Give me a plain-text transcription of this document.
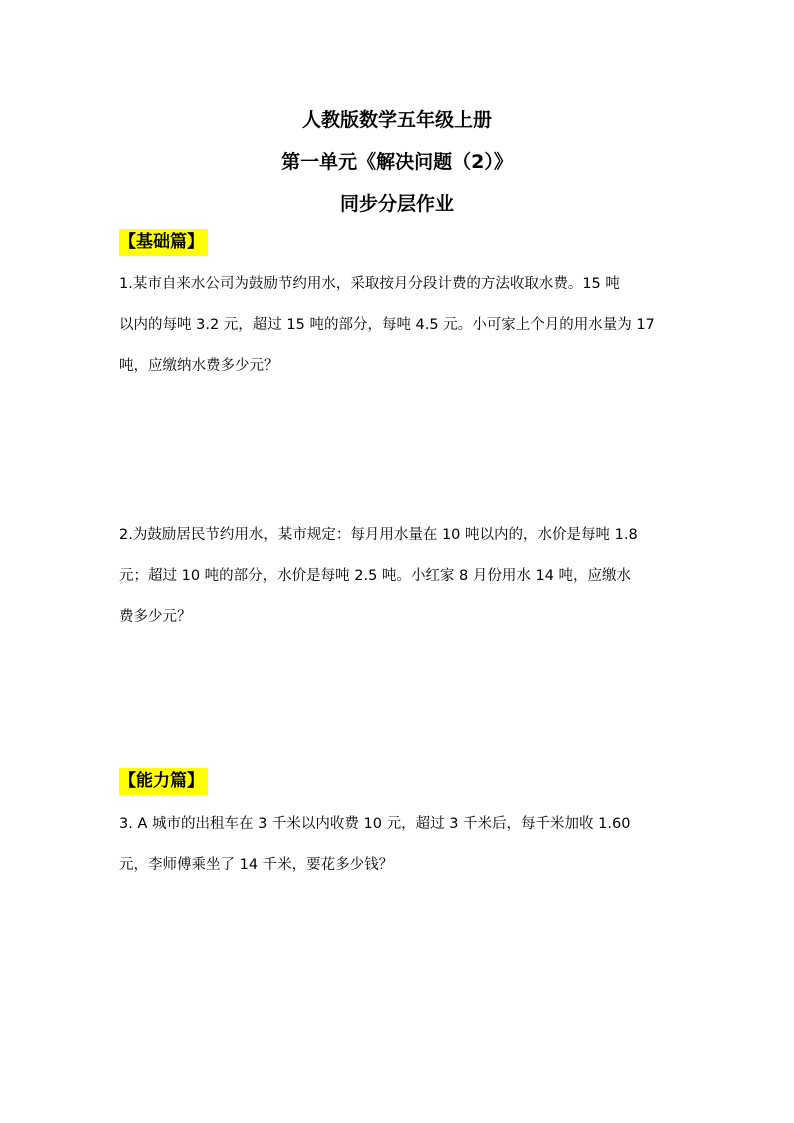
人教版数学五年级上册
第一单元《解决问题（2）》
同步分层作业
【基础篇】
1.某市自来水公司为鼓励节约用水，采取按月分段计费的方法收取水费。15 吨
以内的每吨 3.2 元，超过 15 吨的部分，每吨 4.5 元。小可家上个月的用水量为 17
吨，应缴纳水费多少元？
2.为鼓励居民节约用水，某市规定：每月用水量在 10 吨以内的，水价是每吨 1.8
元；超过 10 吨的部分，水价是每吨 2.5 吨。小红家 8 月份用水 14 吨，应缴水
费多少元？
【能力篇】
3. A 城市的出租车在 3 千米以内收费 10 元，超过 3 千米后，每千米加收 1.60
元，李师傅乘坐了 14 千米，要花多少钱？
